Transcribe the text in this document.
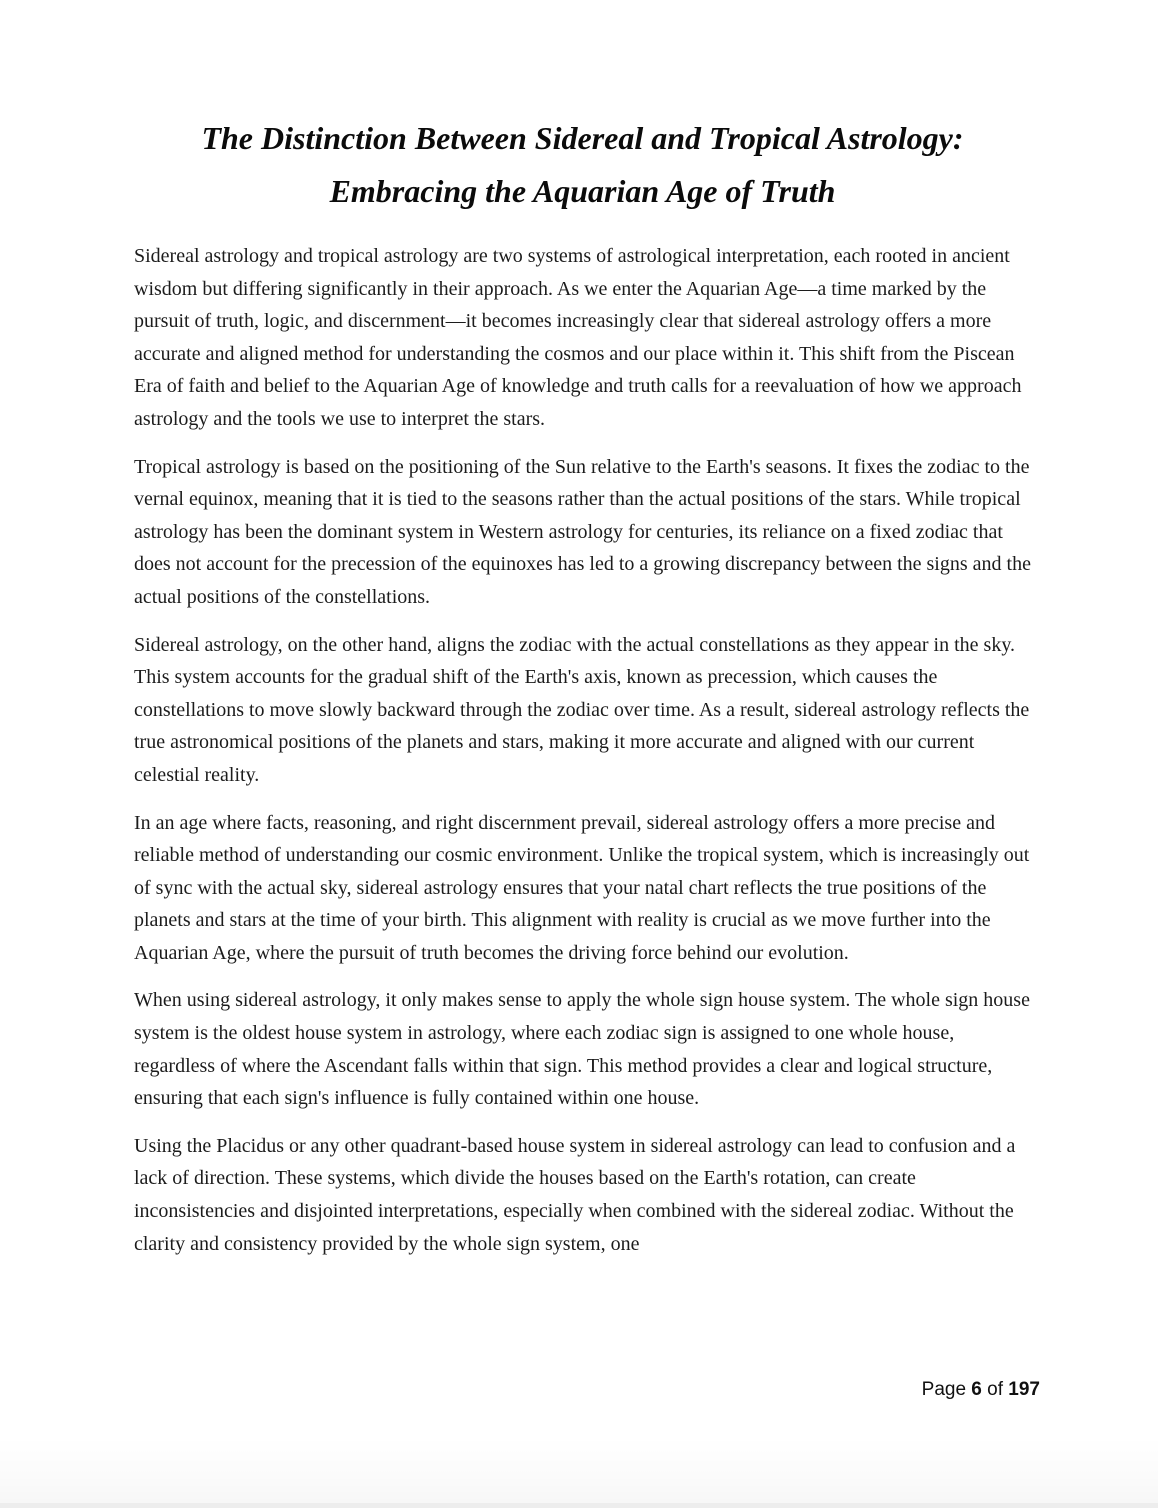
The Distinction Between Sidereal and Tropical Astrology:
Embracing the Aquarian Age of Truth

Sidereal astrology and tropical astrology are two systems of astrological interpretation, each rooted in ancient wisdom but differing significantly in their approach. As we enter the Aquarian Age—a time marked by the pursuit of truth, logic, and discernment—it becomes increasingly clear that sidereal astrology offers a more accurate and aligned method for understanding the cosmos and our place within it. This shift from the Piscean Era of faith and belief to the Aquarian Age of knowledge and truth calls for a reevaluation of how we approach astrology and the tools we use to interpret the stars.

Tropical astrology is based on the positioning of the Sun relative to the Earth's seasons. It fixes the zodiac to the vernal equinox, meaning that it is tied to the seasons rather than the actual positions of the stars. While tropical astrology has been the dominant system in Western astrology for centuries, its reliance on a fixed zodiac that does not account for the precession of the equinoxes has led to a growing discrepancy between the signs and the actual positions of the constellations.

Sidereal astrology, on the other hand, aligns the zodiac with the actual constellations as they appear in the sky. This system accounts for the gradual shift of the Earth's axis, known as precession, which causes the constellations to move slowly backward through the zodiac over time. As a result, sidereal astrology reflects the true astronomical positions of the planets and stars, making it more accurate and aligned with our current celestial reality.

In an age where facts, reasoning, and right discernment prevail, sidereal astrology offers a more precise and reliable method of understanding our cosmic environment. Unlike the tropical system, which is increasingly out of sync with the actual sky, sidereal astrology ensures that your natal chart reflects the true positions of the planets and stars at the time of your birth. This alignment with reality is crucial as we move further into the Aquarian Age, where the pursuit of truth becomes the driving force behind our evolution.

When using sidereal astrology, it only makes sense to apply the whole sign house system. The whole sign house system is the oldest house system in astrology, where each zodiac sign is assigned to one whole house, regardless of where the Ascendant falls within that sign. This method provides a clear and logical structure, ensuring that each sign's influence is fully contained within one house.

Using the Placidus or any other quadrant-based house system in sidereal astrology can lead to confusion and a lack of direction. These systems, which divide the houses based on the Earth's rotation, can create inconsistencies and disjointed interpretations, especially when combined with the sidereal zodiac. Without the clarity and consistency provided by the whole sign system, one

Page 6 of 197
